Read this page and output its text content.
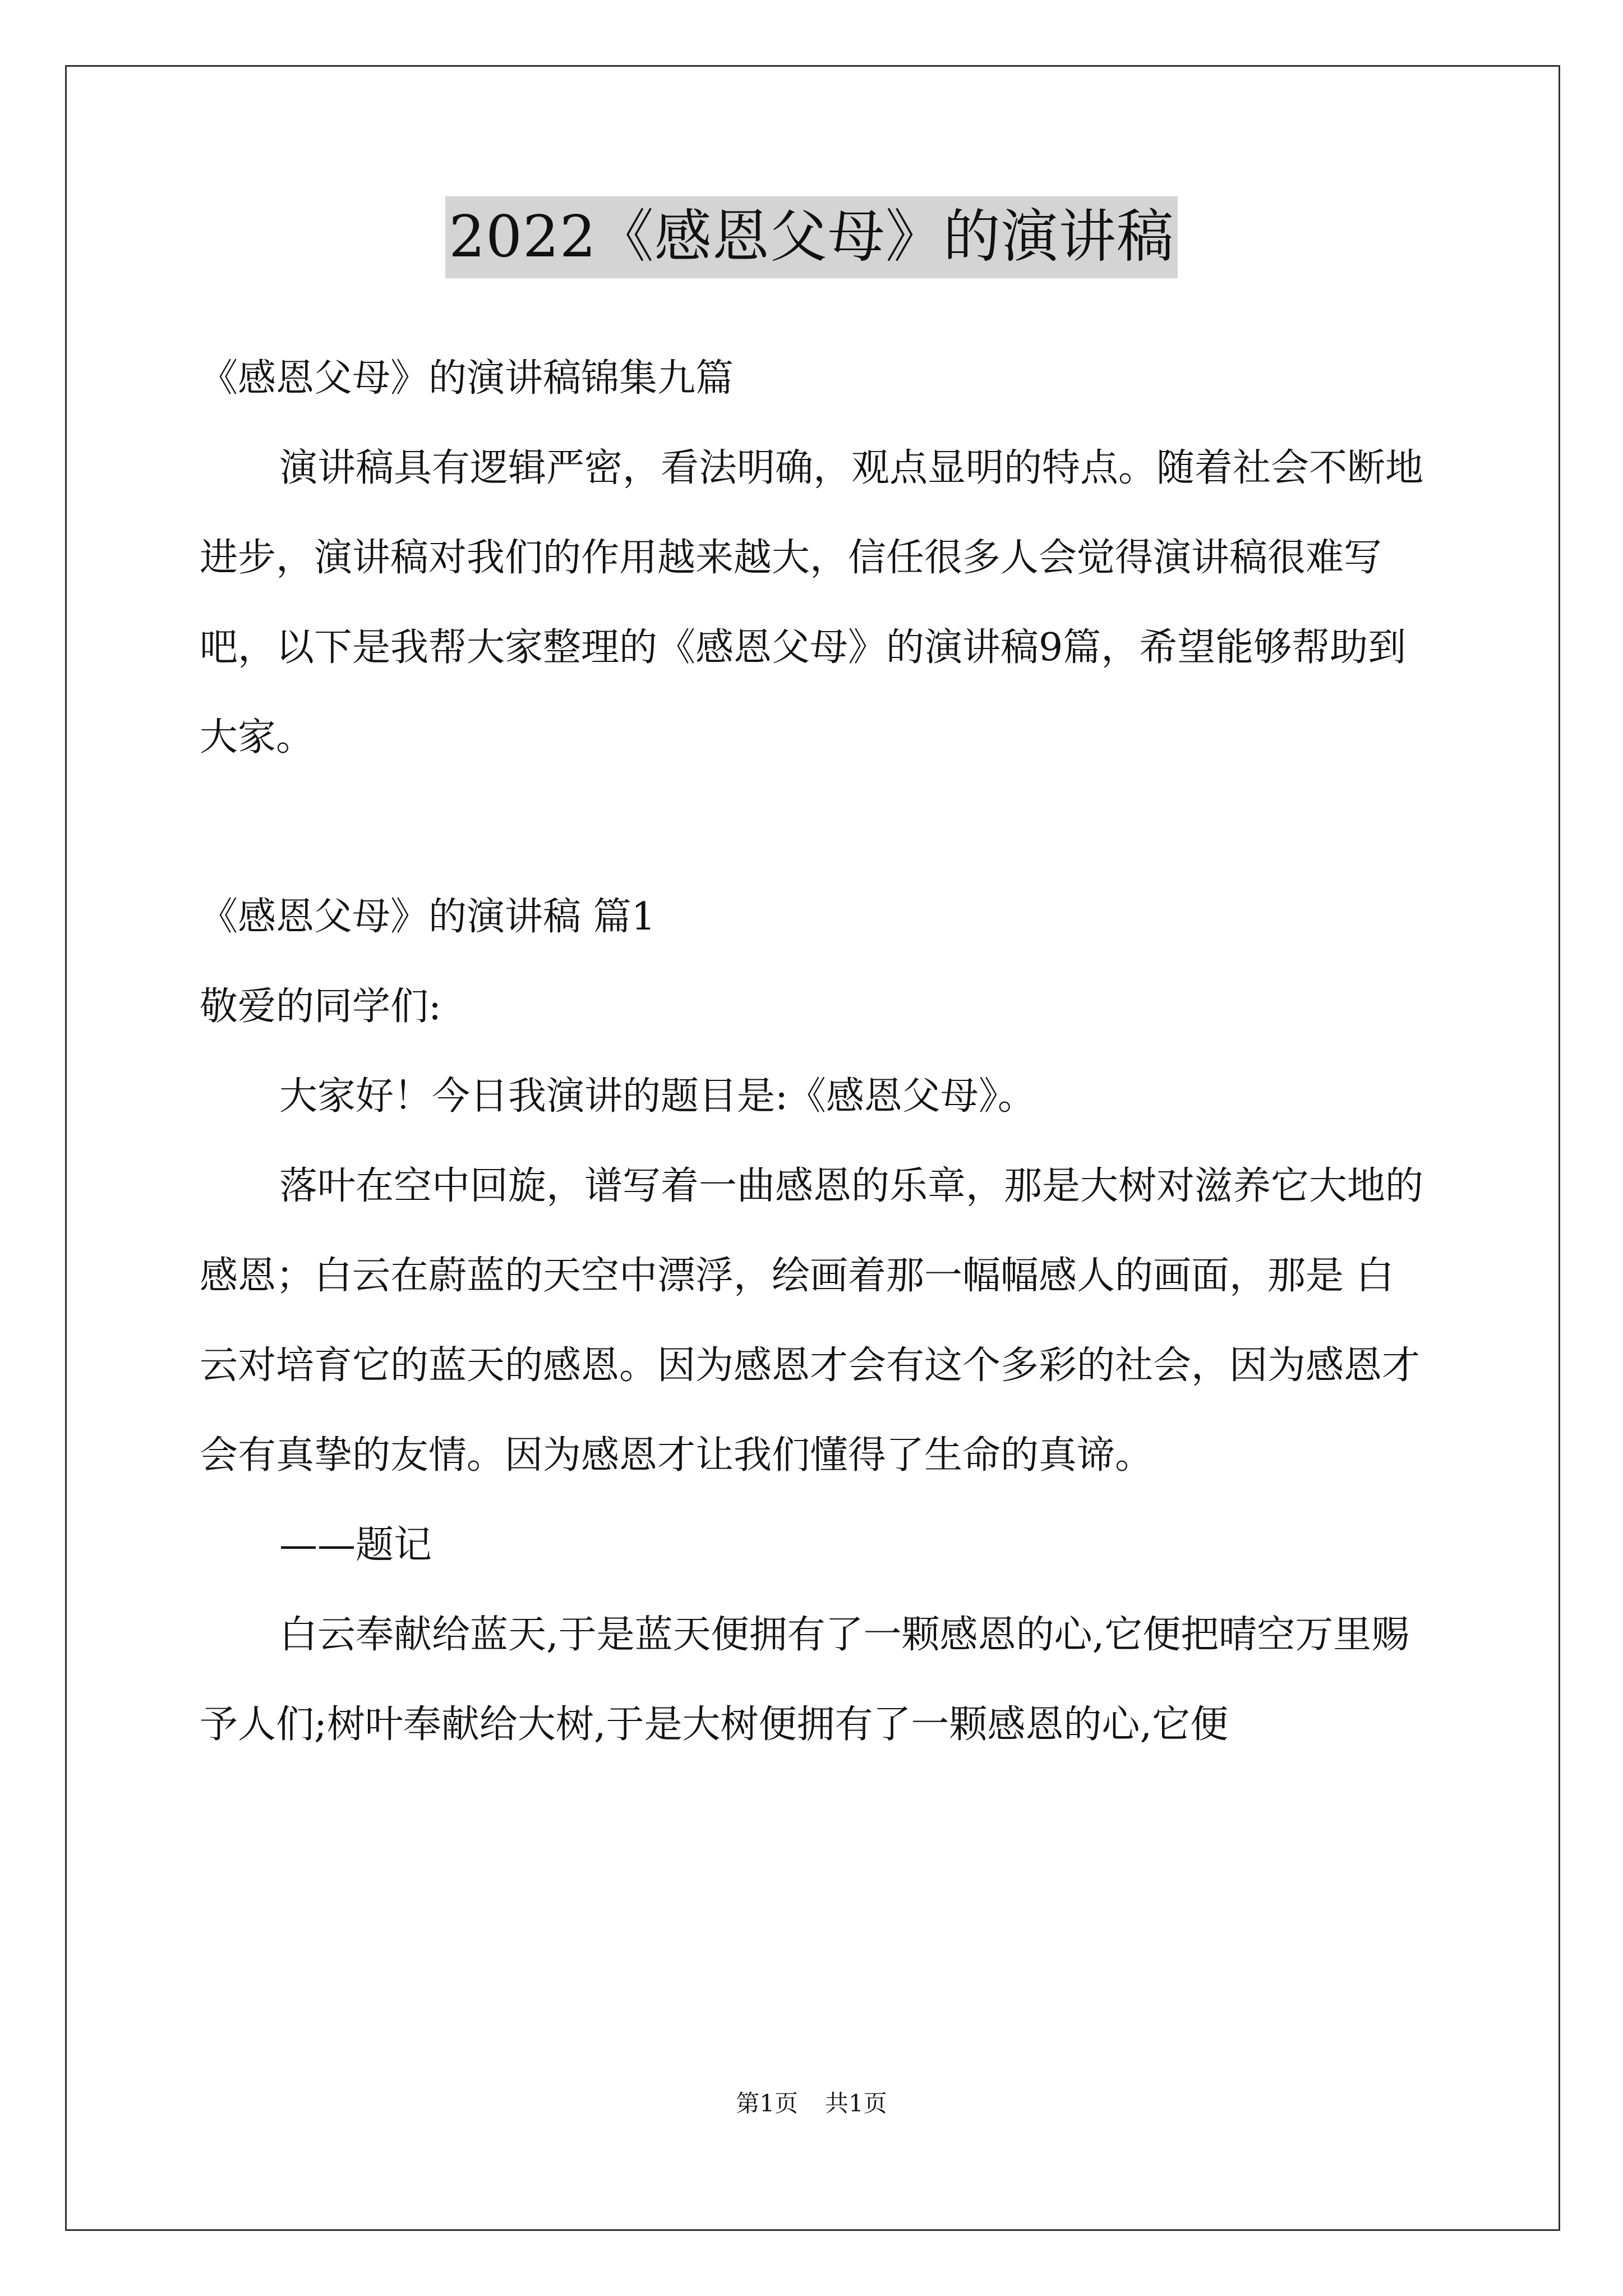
2022《感恩父母》的演讲稿

《感恩父母》的演讲稿锦集九篇

演讲稿具有逻辑严密，看法明确，观点显明的特点。随着社会不断地进步，演讲稿对我们的作用越来越大，信任很多人会觉得演讲稿很难写吧，以下是我帮大家整理的《感恩父母》的演讲稿9篇，希望能够帮助到大家。

《感恩父母》的演讲稿 篇1

敬爱的同学们:

大家好！今日我演讲的题目是:《感恩父母》。

落叶在空中回旋，谱写着一曲感恩的乐章，那是大树对滋养它大地的感恩；白云在蔚蓝的天空中漂浮，绘画着那一幅幅感人的画面，那是 白云对培育它的蓝天的感恩。因为感恩才会有这个多彩的社会，因为感恩才会有真挚的友情。因为感恩才让我们懂得了生命的真谛。

——题记

白云奉献给蓝天,于是蓝天便拥有了一颗感恩的心,它便把晴空万里赐予人们;树叶奉献给大树,于是大树便拥有了一颗感恩的心,它便

第1页 共1页
